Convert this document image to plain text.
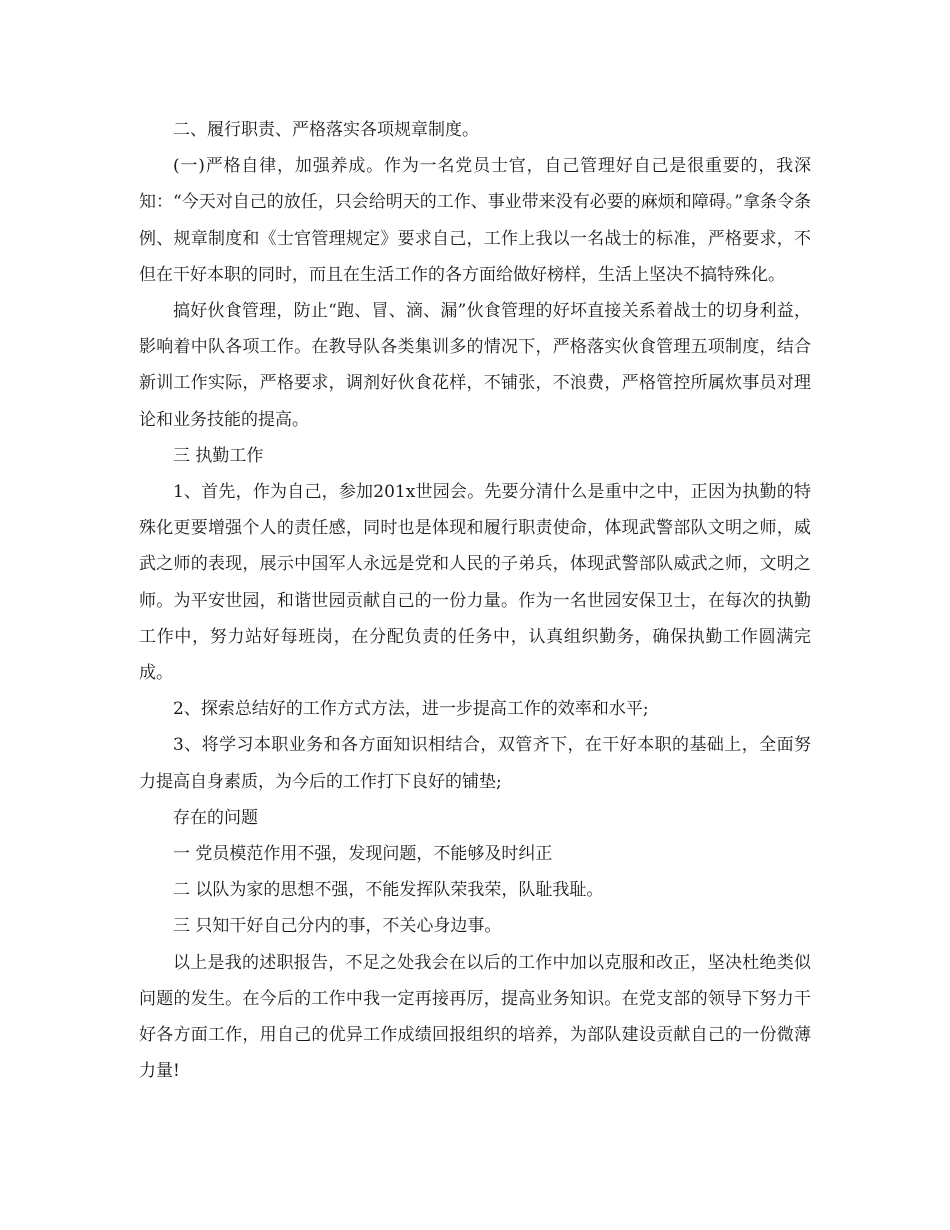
二、履行职责、严格落实各项规章制度。

(一)严格自律，加强养成。作为一名党员士官，自己管理好自己是很重要的，我深知：“今天对自己的放任，只会给明天的工作、事业带来没有必要的麻烦和障碍。”拿条令条例、规章制度和《士官管理规定》要求自己，工作上我以一名战士的标准，严格要求，不但在干好本职的同时，而且在生活工作的各方面给做好榜样，生活上坚决不搞特殊化。

搞好伙食管理，防止“跑、冒、滴、漏”伙食管理的好坏直接关系着战士的切身利益，影响着中队各项工作。在教导队各类集训多的情况下，严格落实伙食管理五项制度，结合新训工作实际，严格要求，调剂好伙食花样，不铺张，不浪费，严格管控所属炊事员对理论和业务技能的提高。

三 执勤工作

1、首先，作为自己，参加201x世园会。先要分清什么是重中之中，正因为执勤的特殊化更要增强个人的责任感，同时也是体现和履行职责使命，体现武警部队文明之师，威武之师的表现，展示中国军人永远是党和人民的子弟兵，体现武警部队威武之师，文明之师。为平安世园，和谐世园贡献自己的一份力量。作为一名世园安保卫士，在每次的执勤工作中，努力站好每班岗，在分配负责的任务中，认真组织勤务，确保执勤工作圆满完成。

2、探索总结好的工作方式方法，进一步提高工作的效率和水平;

3、将学习本职业务和各方面知识相结合，双管齐下，在干好本职的基础上，全面努力提高自身素质，为今后的工作打下良好的铺垫;

存在的问题

一 党员模范作用不强，发现问题，不能够及时纠正

二 以队为家的思想不强，不能发挥队荣我荣，队耻我耻。

三 只知干好自己分内的事，不关心身边事。

以上是我的述职报告，不足之处我会在以后的工作中加以克服和改正，坚决杜绝类似问题的发生。在今后的工作中我一定再接再厉，提高业务知识。在党支部的领导下努力干好各方面工作，用自己的优异工作成绩回报组织的培养，为部队建设贡献自己的一份微薄力量!
